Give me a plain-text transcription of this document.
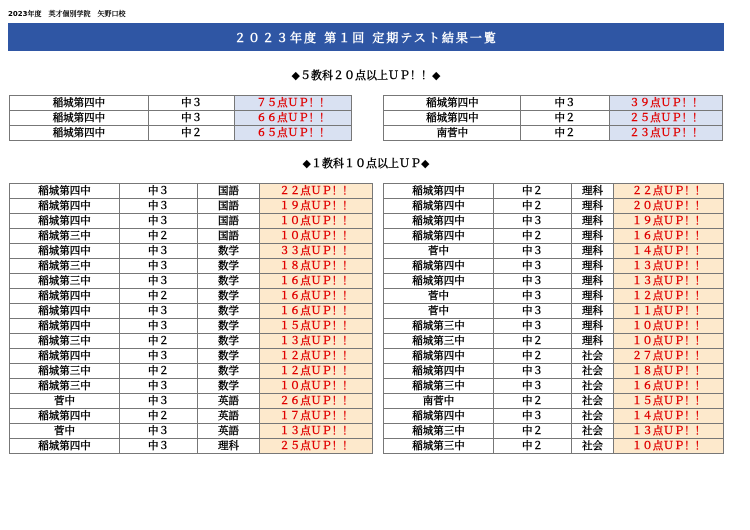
2023年度　英才個別学院　矢野口校
２０２３年度 第１回 定期テスト結果一覧
◆５教科２０点以上ＵＰ！！◆
稲城第四中	中３	７５点ＵＰ！！		稲城第四中	中３	３９点ＵＰ！！
稲城第四中	中３	６６点ＵＰ！！		稲城第四中	中２	２５点ＵＰ！！
稲城第四中	中２	６５点ＵＰ！！		南菅中	中２	２３点ＵＰ！！
◆１教科１０点以上ＵＰ◆
稲城第四中	中３	国語	２２点ＵＰ！！		稲城第四中	中２	理科	２２点ＵＰ！！
稲城第四中	中３	国語	１９点ＵＰ！！		稲城第四中	中２	理科	２０点ＵＰ！！
稲城第四中	中３	国語	１０点ＵＰ！！		稲城第四中	中３	理科	１９点ＵＰ！！
稲城第三中	中２	国語	１０点ＵＰ！！		稲城第四中	中２	理科	１６点ＵＰ！！
稲城第四中	中３	数学	３３点ＵＰ！！		菅中	中３	理科	１４点ＵＰ！！
稲城第三中	中３	数学	１８点ＵＰ！！		稲城第四中	中３	理科	１３点ＵＰ！！
稲城第三中	中３	数学	１６点ＵＰ！！		稲城第四中	中３	理科	１３点ＵＰ！！
稲城第四中	中２	数学	１６点ＵＰ！！		菅中	中３	理科	１２点ＵＰ！！
稲城第四中	中３	数学	１６点ＵＰ！！		菅中	中３	理科	１１点ＵＰ！！
稲城第四中	中３	数学	１５点ＵＰ！！		稲城第三中	中３	理科	１０点ＵＰ！！
稲城第三中	中２	数学	１３点ＵＰ！！		稲城第三中	中２	理科	１０点ＵＰ！！
稲城第四中	中３	数学	１２点ＵＰ！！		稲城第四中	中２	社会	２７点ＵＰ！！
稲城第三中	中２	数学	１２点ＵＰ！！		稲城第四中	中３	社会	１８点ＵＰ！！
稲城第三中	中３	数学	１０点ＵＰ！！		稲城第三中	中３	社会	１６点ＵＰ！！
菅中	中３	英語	２６点ＵＰ！！		南菅中	中２	社会	１５点ＵＰ！！
稲城第四中	中２	英語	１７点ＵＰ！！		稲城第四中	中３	社会	１４点ＵＰ！！
菅中	中３	英語	１３点ＵＰ！！		稲城第三中	中２	社会	１３点ＵＰ！！
稲城第四中	中３	理科	２５点ＵＰ！！		稲城第三中	中２	社会	１０点ＵＰ！！
